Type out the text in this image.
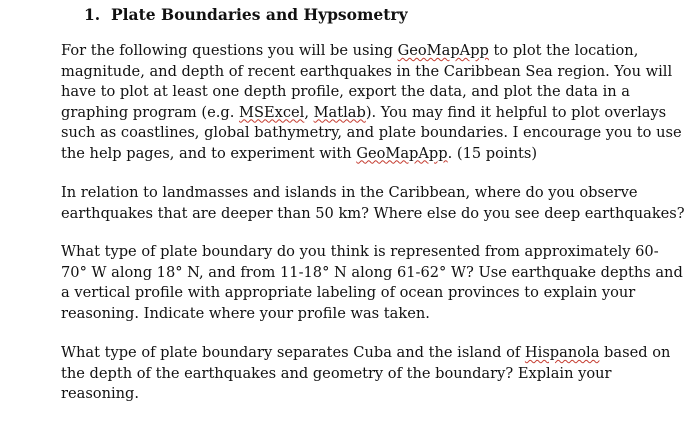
1. Plate Boundaries and Hypsometry

For the following questions you will be using GeoMapApp to plot the location,
magnitude, and depth of recent earthquakes in the Caribbean Sea region. You will
have to plot at least one depth profile, export the data, and plot the data in a
graphing program (e.g. MSExcel, Matlab). You may find it helpful to plot overlays
such as coastlines, global bathymetry, and plate boundaries. I encourage you to use
the help pages, and to experiment with GeoMapApp. (15 points)

In relation to landmasses and islands in the Caribbean, where do you observe
earthquakes that are deeper than 50 km? Where else do you see deep earthquakes?

What type of plate boundary do you think is represented from approximately 60-
70° W along 18° N, and from 11-18° N along 61-62° W? Use earthquake depths and
a vertical profile with appropriate labeling of ocean provinces to explain your
reasoning. Indicate where your profile was taken.

What type of plate boundary separates Cuba and the island of Hispanola based on
the depth of the earthquakes and geometry of the boundary? Explain your
reasoning.
